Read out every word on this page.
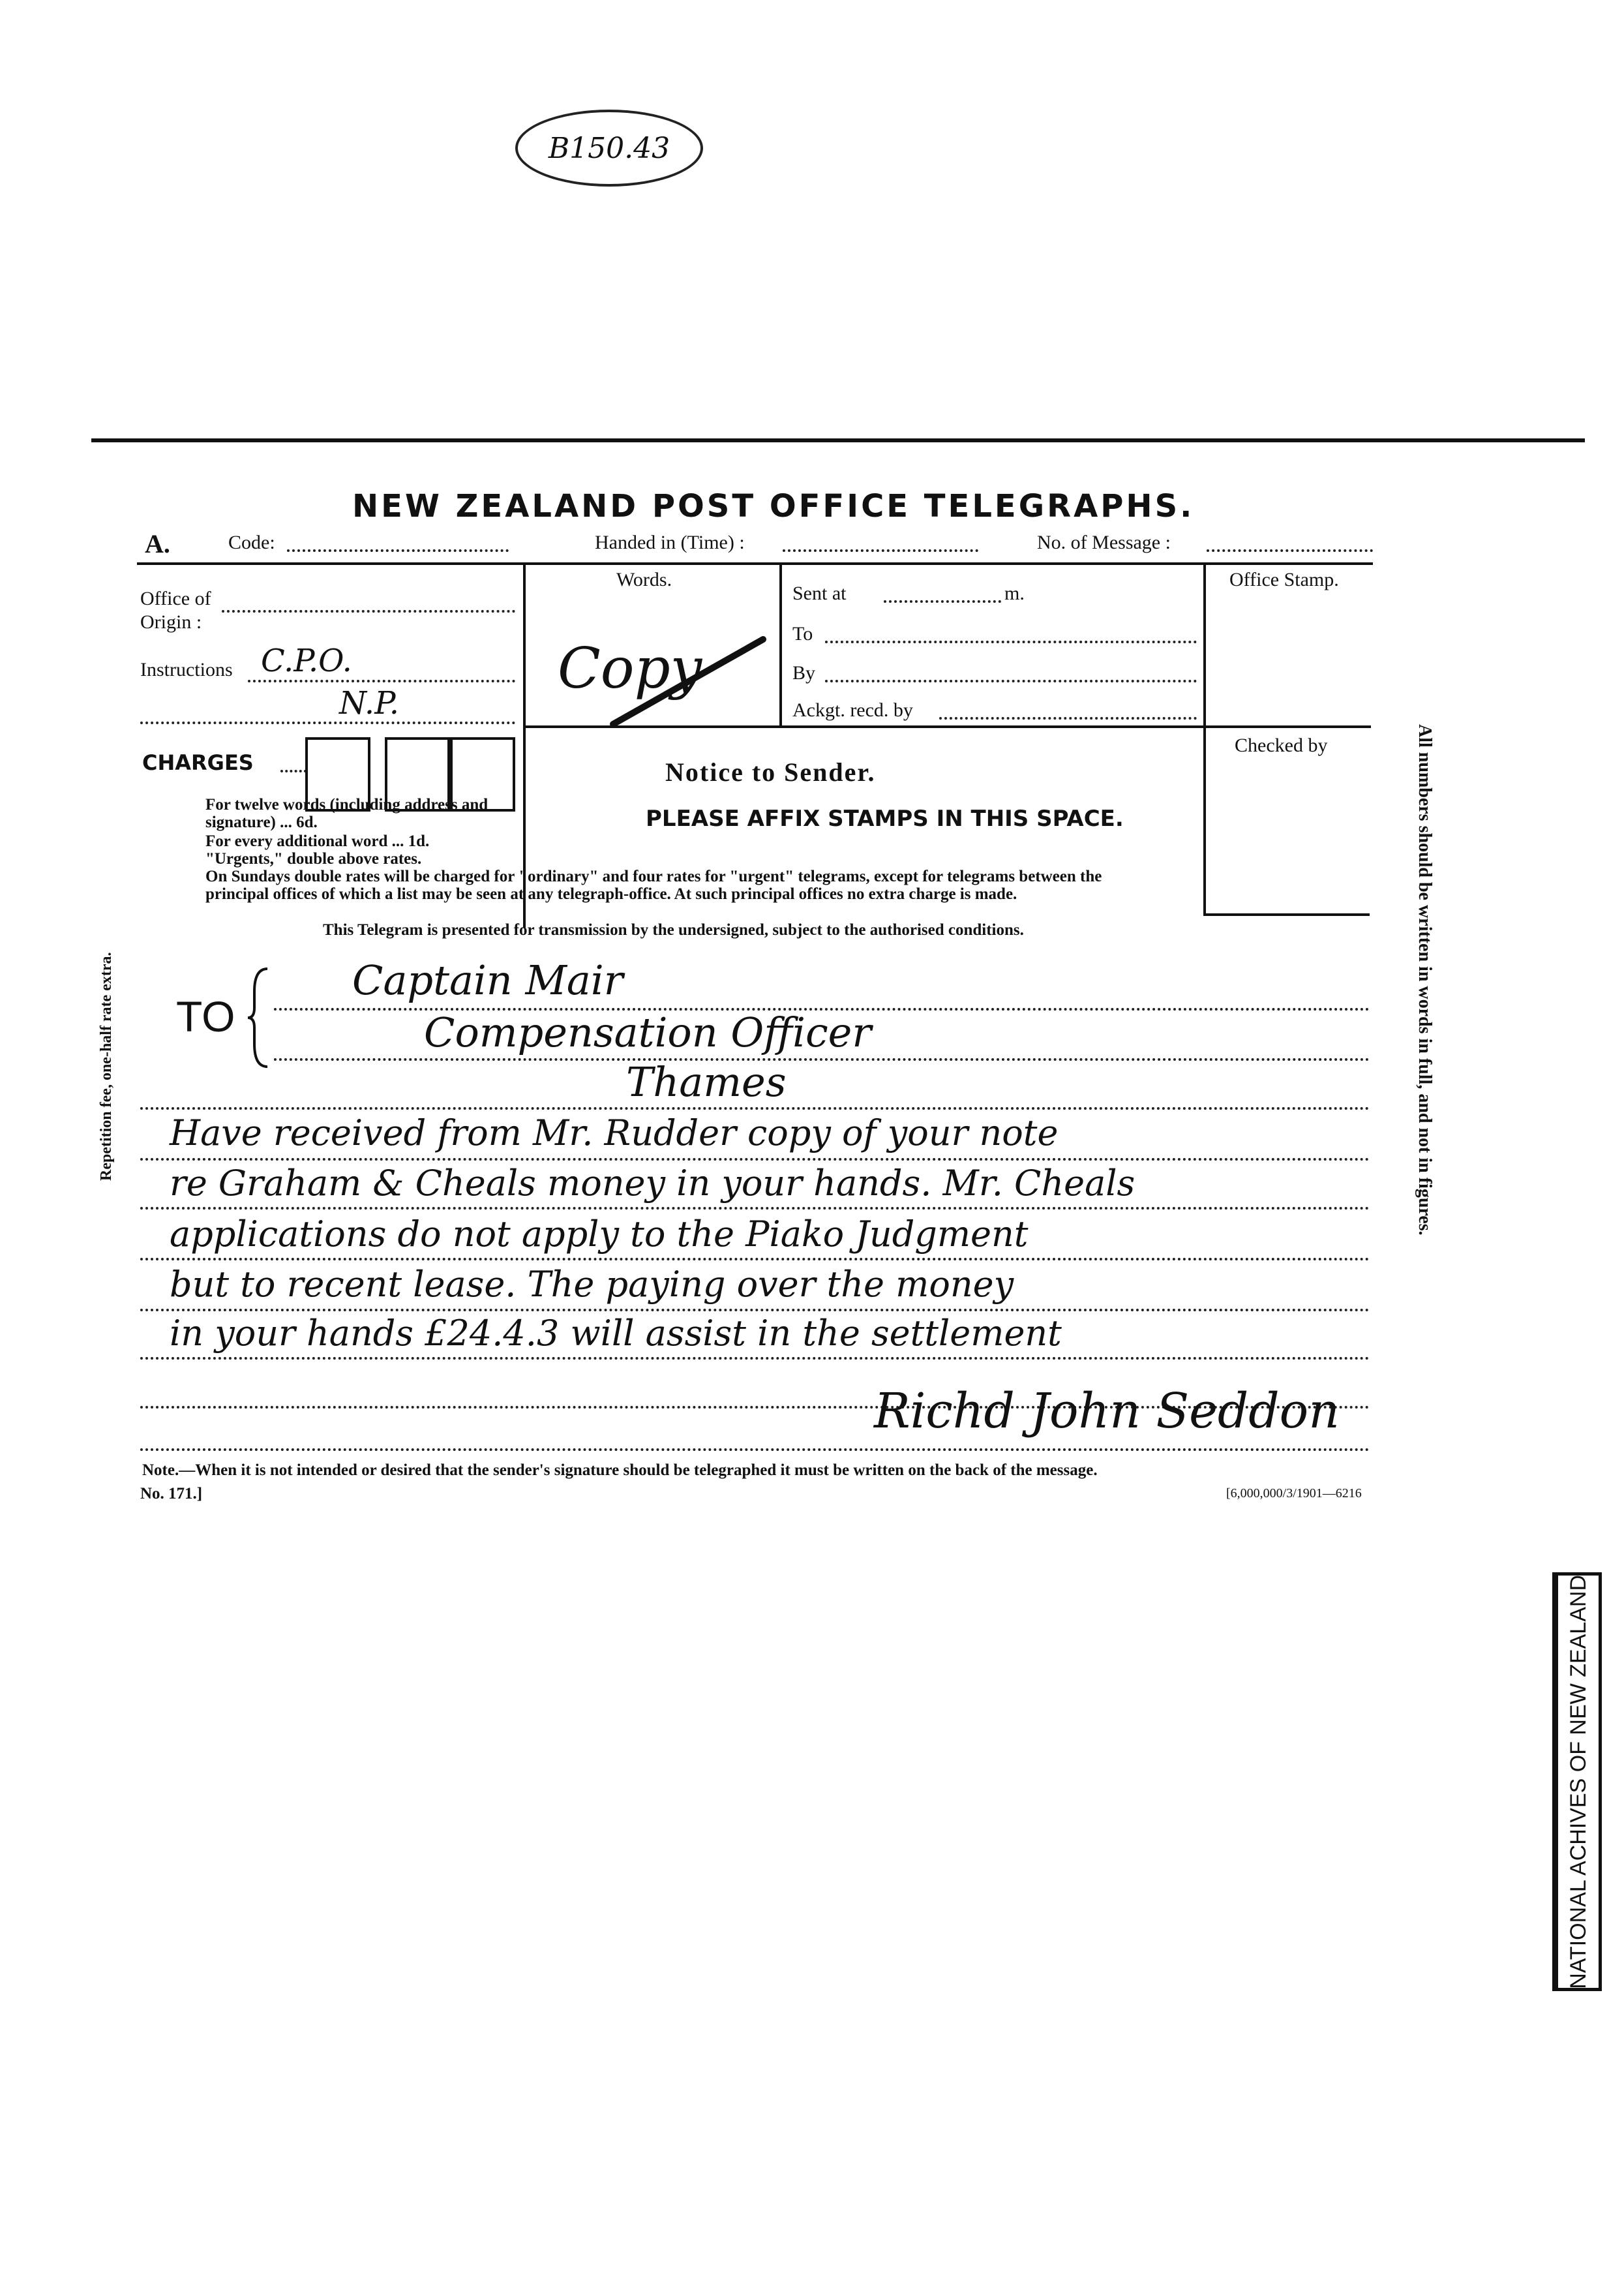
B150.43
NEW ZEALAND POST OFFICE TELEGRAPHS.
A.	Code:	Handed in (Time) :	No. of Message :
Office of
Origin :
Instructions C.P.O.
N.P.
Words.
Copy
Sent at	m.
To
By
Ackgt. recd. by
Office Stamp.
Checked by
CHARGES
For twelve words (including address and signature) ... 6d.
For every additional word ... 1d.
"Urgents," double above rates.
On Sundays double rates will be charged for "ordinary" and four rates for "urgent" telegrams, except for telegrams between the principal offices of which a list may be seen at any telegraph-office. At such principal offices no extra charge is made.
Notice to Sender.
PLEASE AFFIX STAMPS IN THIS SPACE.
This Telegram is presented for transmission by the undersigned, subject to the authorised conditions.
TO
Captain Mair
Compensation Officer
Thames
Have received from Mr. Rudder copy of your note
re Graham & Cheals money in your hands. Mr. Cheals
applications do not apply to the Piako Judgment
but to recent lease. The paying over the money
in your hands £24.4.3 will assist in the settlement
Richd John Seddon
Note.—When it is not intended or desired that the sender's signature should be telegraphed it must be written on the back of the message.
No. 171.]	[6,000,000/3/1901—6216
All numbers should be written in words in full, and not in figures.
Repetition fee, one-half rate extra.
NATIONAL ACHIVES OF NEW ZEALAND
